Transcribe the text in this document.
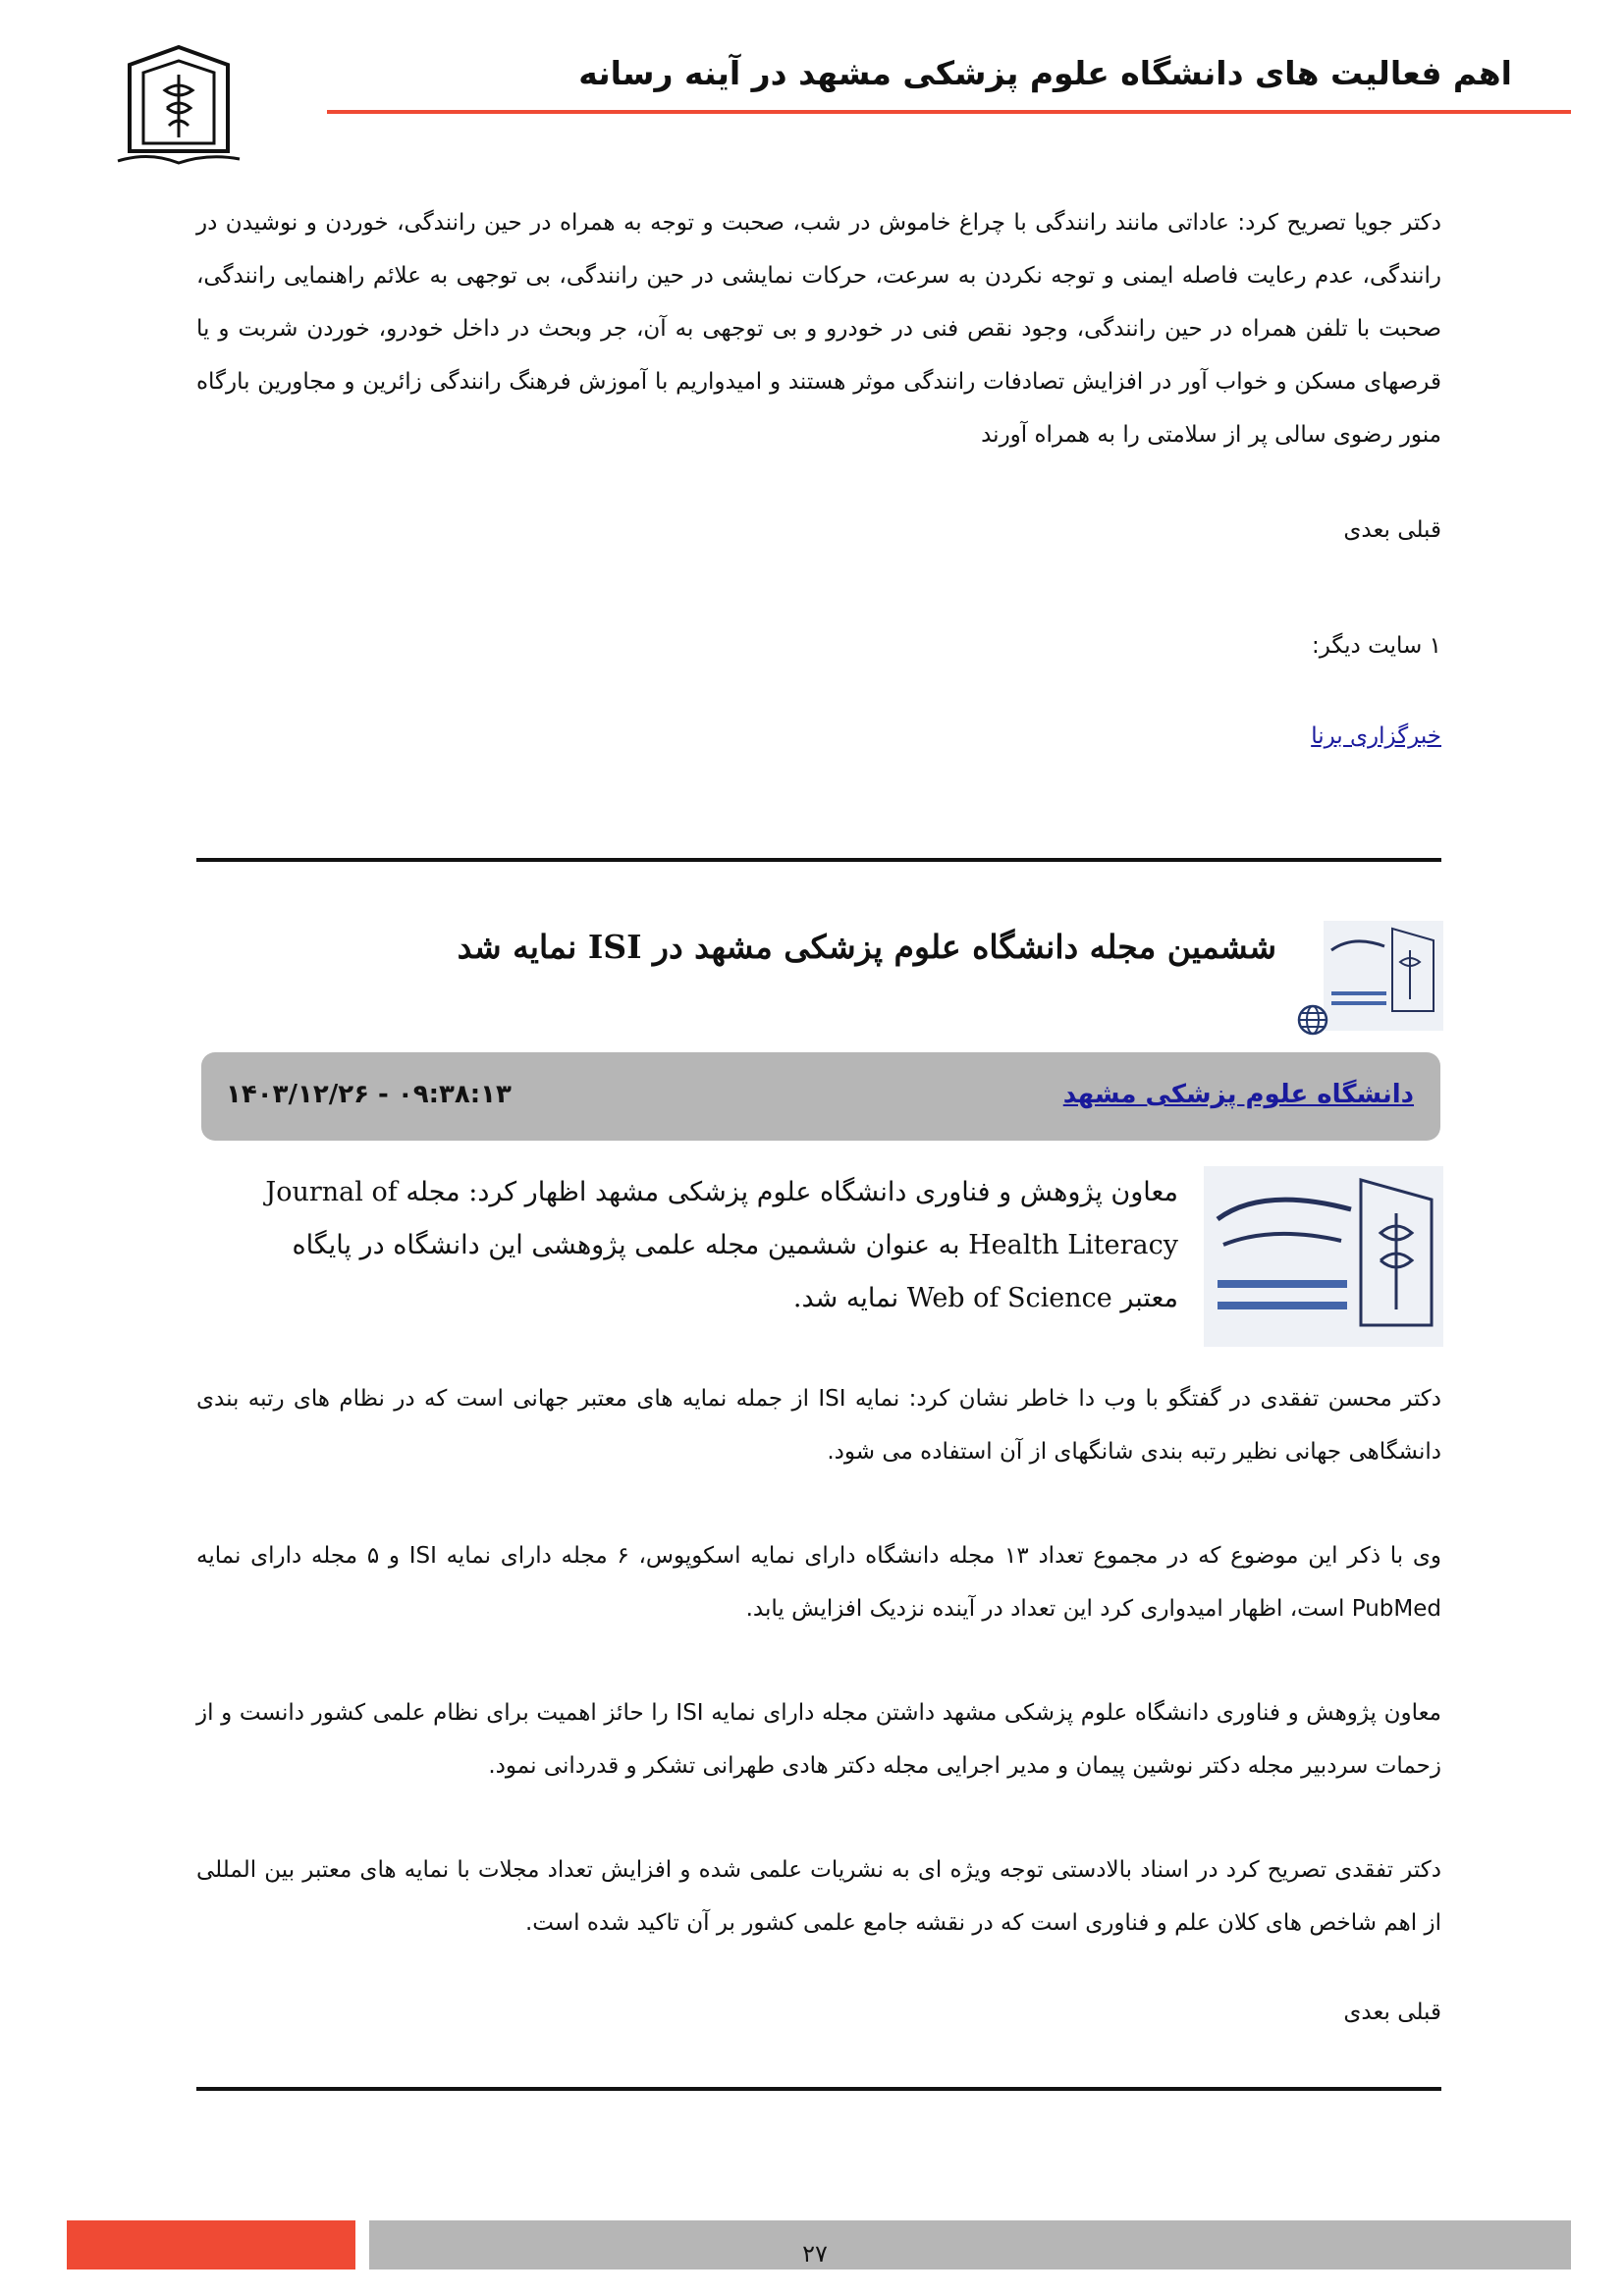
اهم فعالیت های دانشگاه علوم پزشکی مشهد در آینه رسانه
دکتر جویا تصریح کرد: عاداتی مانند رانندگی با چراغ خاموش در شب، صحبت و توجه به همراه در حین رانندگی، خوردن و نوشیدن در رانندگی، عدم رعایت فاصله ایمنی و توجه نکردن به سرعت، حرکات نمایشی در حین رانندگی، بی توجهی به علائم راهنمایی رانندگی، صحبت با تلفن همراه در حین رانندگی، وجود نقص فنی در خودرو و بی توجهی به آن، جر وبحث در داخل خودرو، خوردن شربت و یا قرصهای مسکن و خواب آور در افزایش تصادفات رانندگی موثر هستند و امیدواریم با آموزش فرهنگ رانندگی زائرین و مجاورین بارگاه منور رضوی سالی پر از سلامتی را به همراه آورند
قبلی بعدی
۱ سایت دیگر:
خبرگزاری برنا
ششمین مجله دانشگاه علوم پزشکی مشهد در ISI نمایه شد
دانشگاه علوم پزشکی مشهد
۱۴۰۳/۱۲/۲۶ - ۰۹:۳۸:۱۳
معاون پژوهش و فناوری دانشگاه علوم پزشکی مشهد اظهار کرد: مجله Journal of Health Literacy به عنوان ششمین مجله علمی پژوهشی این دانشگاه در پایگاه معتبر Web of Science نمایه شد.
دکتر محسن تفقدی در گفتگو با وب دا خاطر نشان کرد: نمایه ISI از جمله نمایه های معتبر جهانی است که در نظام های رتبه بندی دانشگاهی جهانی نظیر رتبه بندی شانگهای از آن استفاده می شود.
وی با ذکر این موضوع که در مجموع تعداد ۱۳ مجله دانشگاه دارای نمایه اسکوپوس، ۶ مجله دارای نمایه ISI و ۵ مجله دارای نمایه PubMed است، اظهار امیدواری کرد این تعداد در آینده نزدیک افزایش یابد.
معاون پژوهش و فناوری دانشگاه علوم پزشکی مشهد داشتن مجله دارای نمایه ISI را حائز اهمیت برای نظام علمی کشور دانست و از زحمات سردبیر مجله دکتر نوشین پیمان و مدیر اجرایی مجله دکتر هادی طهرانی تشکر و قدردانی نمود.
دکتر تفقدی تصریح کرد در اسناد بالادستی توجه ویژه ای به نشریات علمی شده و افزایش تعداد مجلات با نمایه های معتبر بین المللی از اهم شاخص های کلان علم و فناوری است که در نقشه جامع علمی کشور بر آن تاکید شده است.
قبلی بعدی
۲۷
